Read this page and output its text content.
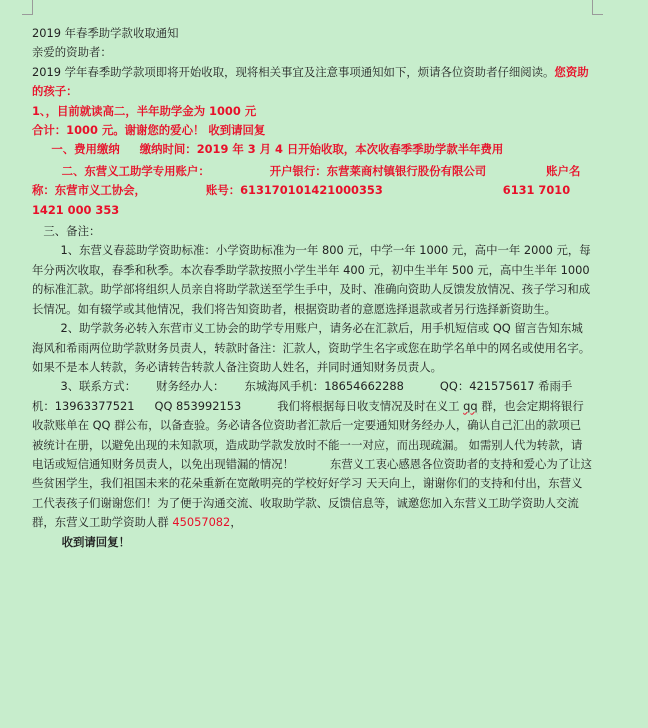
2019 年春季助学款收取通知

亲爱的资助者：

2019 学年春季助学款项即将开始收取，现将相关事宜及注意事项通知如下，烦请各位资助者仔细阅读。您资助的孩子：

1、，目前就读高二，半年助学金为 1000 元

合计：1000 元。谢谢您的爱心！ 收到请回复

一、费用缴纳 缴纳时间：2019 年 3 月 4 日开始收取，本次收春季季助学款半年费用

二、东营义工助学专用账户：	开户银行：东营莱商村镇银行股份有限公司	账户名称：东营市义工协会，	账号：613170101421000353	6131 7010 1421 000 353

三、备注：

1、东营义春蕊助学资助标准：小学资助标准为一年 800 元，中学一年 1000 元，高中一年 2000 元，每年分两次收取，春季和秋季。本次春季助学款按照小学生半年 400 元，初中生半年 500 元，高中生半年 1000 的标准汇款。助学部将组织人员亲自将助学款送至学生手中，及时、准确向资助人反馈发放情况、孩子学习和成长情况。如有辍学或其他情况，我们将告知资助者，根据资助者的意愿选择退款或者另行选择新资助生。

2、助学款务必转入东营市义工协会的助学专用账户，请务必在汇款后，用手机短信或 QQ 留言告知东城海风和希雨两位助学款财务员责人，转款时备注：汇款人，资助学生名字或您在助学名单中的网名或使用名字。 如果不是本人转款，务必请转告转款人备注资助人姓名，并同时通知财务员责人。

3、联系方式： 财务经办人： 东城海风手机：18654662288	QQ：421575617 希雨手机：13963377521 QQ 853992153	我们将根据每日收支情况及时在义工 qq 群，也会定期将银行收款账单在 QQ 群公布，以备查验。务必请各位资助者汇款后一定要通知财务经办人，确认自己汇出的款项已被统计在册，以避免出现的未知款项，造成助学款发放时不能一一对应，而出现疏漏。 如需别人代为转款，请电话或短信通知财务员责人，以免出现错漏的情况！	东营义工衷心感恩各位资助者的支持和爱心为了让这些贫困学生，我们祖国未来的花朵重新在宽敞明亮的学校好好学习 天天向上，谢谢你们的支持和付出，东营义工代表孩子们谢谢您们！为了便于沟通交流、收取助学款、反馈信息等，诚邀您加入东营义工助学资助人交流群，东营义工助学资助人群 45057082，

收到请回复！
